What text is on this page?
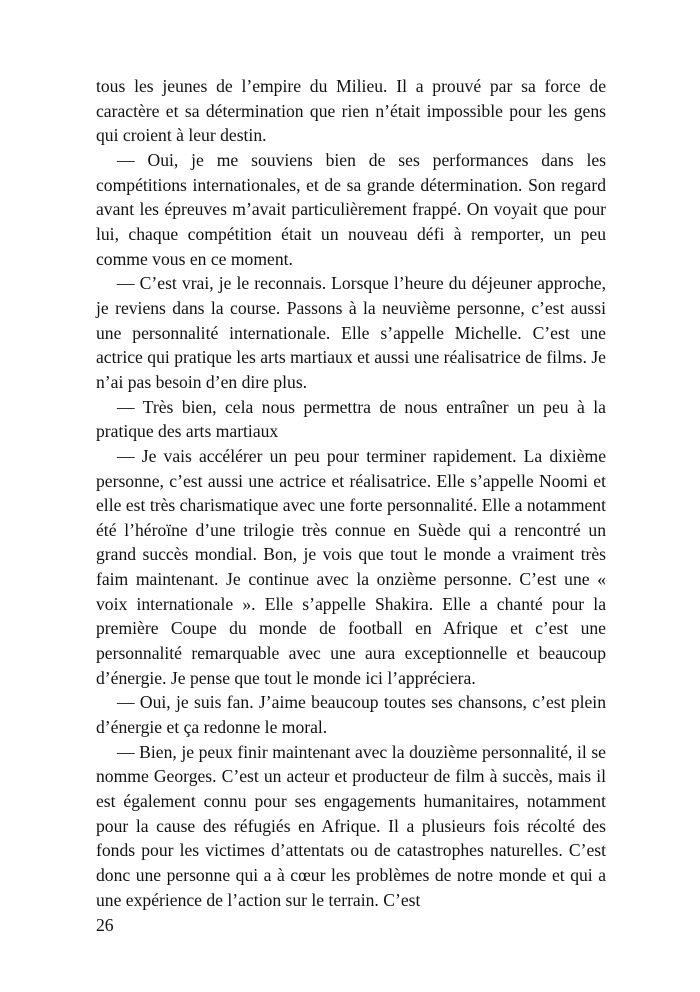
tous les jeunes de l’empire du Milieu. Il a prouvé par sa force de caractère et sa détermination que rien n’était impossible pour les gens qui croient à leur destin.

— Oui, je me souviens bien de ses performances dans les compétitions internationales, et de sa grande détermination. Son regard avant les épreuves m’avait particulièrement frappé. On voyait que pour lui, chaque compétition était un nouveau défi à remporter, un peu comme vous en ce moment.

— C’est vrai, je le reconnais. Lorsque l’heure du déjeuner approche, je reviens dans la course. Passons à la neuvième personne, c’est aussi une personnalité internationale. Elle s’appelle Michelle. C’est une actrice qui pratique les arts martiaux et aussi une réalisatrice de films. Je n’ai pas besoin d’en dire plus.

— Très bien, cela nous permettra de nous entraîner un peu à la pratique des arts martiaux

— Je vais accélérer un peu pour terminer rapidement. La dixième personne, c’est aussi une actrice et réalisatrice. Elle s’appelle Noomi et elle est très charismatique avec une forte personnalité. Elle a notamment été l’héroïne d’une trilogie très connue en Suède qui a rencontré un grand succès mondial. Bon, je vois que tout le monde a vraiment très faim maintenant. Je continue avec la onzième personne. C’est une « voix internationale ». Elle s’appelle Shakira. Elle a chanté pour la première Coupe du monde de football en Afrique et c’est une personnalité remarquable avec une aura exceptionnelle et beaucoup d’énergie. Je pense que tout le monde ici l’appréciera.

— Oui, je suis fan. J’aime beaucoup toutes ses chansons, c’est plein d’énergie et ça redonne le moral.

— Bien, je peux finir maintenant avec la douzième personnalité, il se nomme Georges. C’est un acteur et producteur de film à succès, mais il est également connu pour ses engagements humanitaires, notamment pour la cause des réfugiés en Afrique. Il a plusieurs fois récolté des fonds pour les victimes d’attentats ou de catastrophes naturelles. C’est donc une personne qui a à cœur les problèmes de notre monde et qui a une expérience de l’action sur le terrain. C’est

26
